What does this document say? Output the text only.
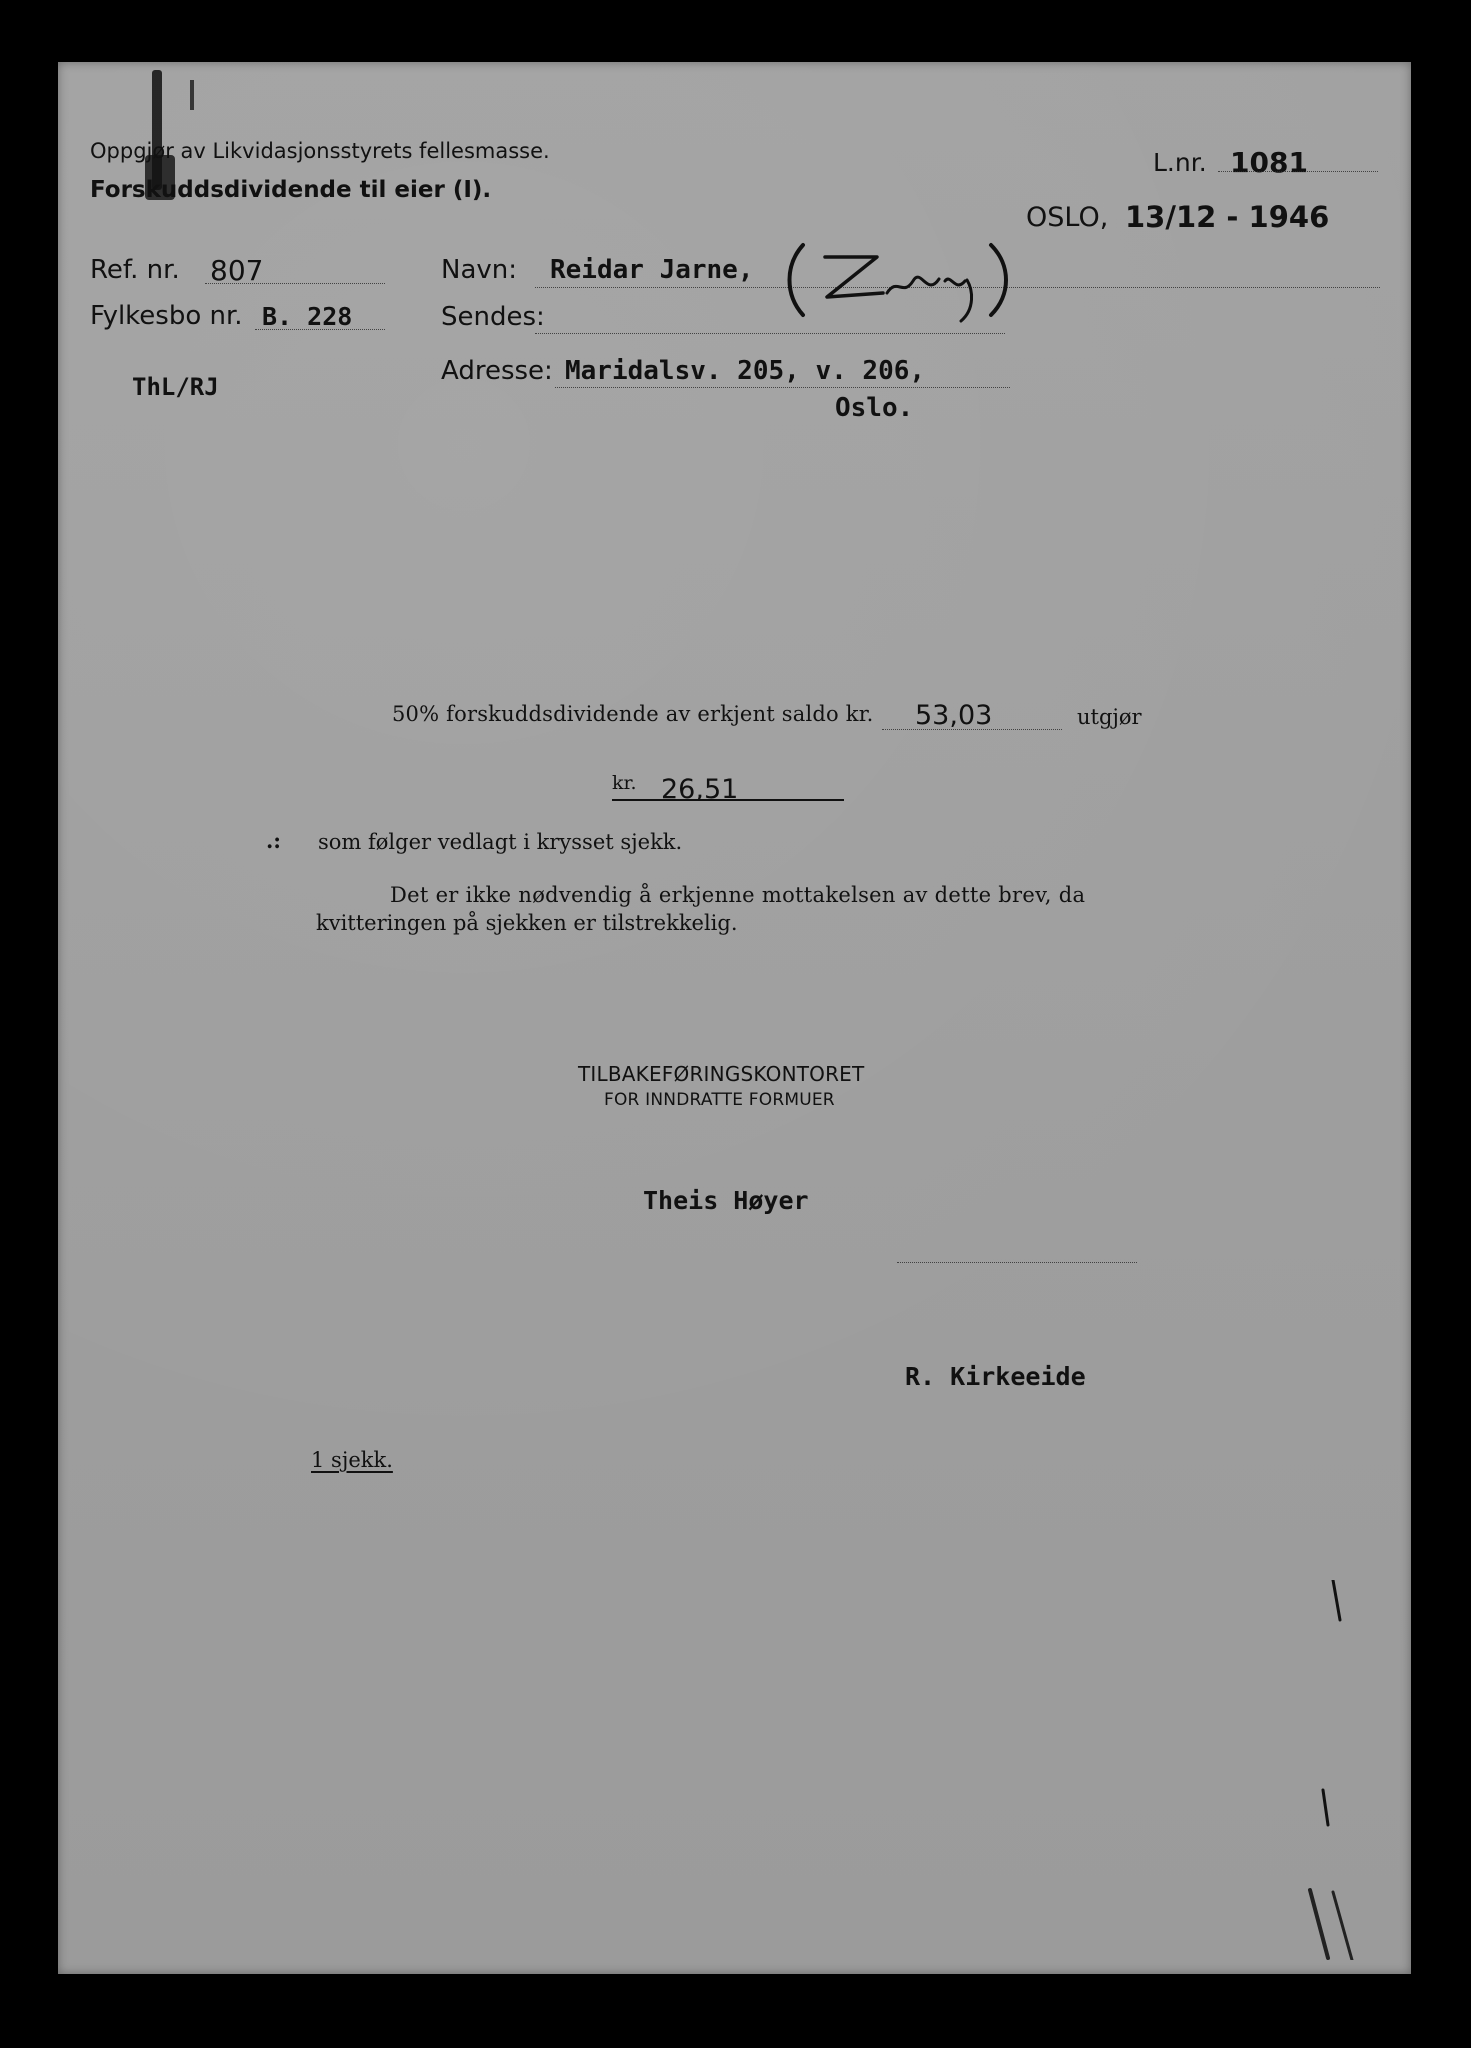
Oppgjør av Likvidasjonsstyrets fellesmasse.

Forskuddsdividende til eier (I).

L.nr. 1081

OSLO, 13/12 - 1946

Ref. nr. 807

Fylkesbo nr. B. 228

ThL/RJ

Navn: Reidar Jarne,

Sendes:

Adresse: Maridalsv. 205, v. 206,

Oslo.

50% forskuddsdividende av erkjent saldo kr. 53,03	utgjør

kr. 26,51

.: som følger vedlagt i krysset sjekk.

Det er ikke nødvendig å erkjenne mottakelsen av dette brev, da

kvitteringen på sjekken er tilstrekkelig.

TILBAKEFØRINGSKONTORET

FOR INNDRATTE FORMUER

Theis Høyer

R. Kirkeeide

1 sjekk.
